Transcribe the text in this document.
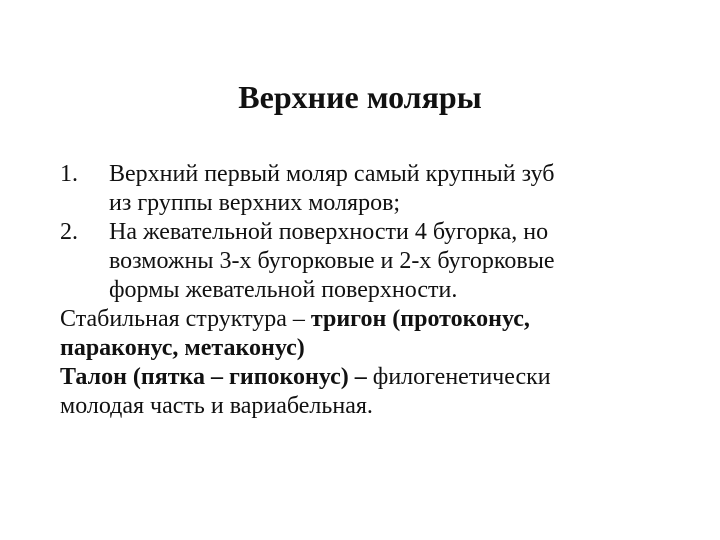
Верхние моляры
1. Верхний первый моляр самый крупный зуб
из группы верхних моляров;
2. На жевательной поверхности 4 бугорка, но
возможны 3-х бугорковые и 2-х бугорковые
формы жевательной поверхности.
Стабильная структура – тригон (протоконус,
параконус, метаконус)
Талон (пятка – гипоконус) – филогенетически
молодая часть и вариабельная.
